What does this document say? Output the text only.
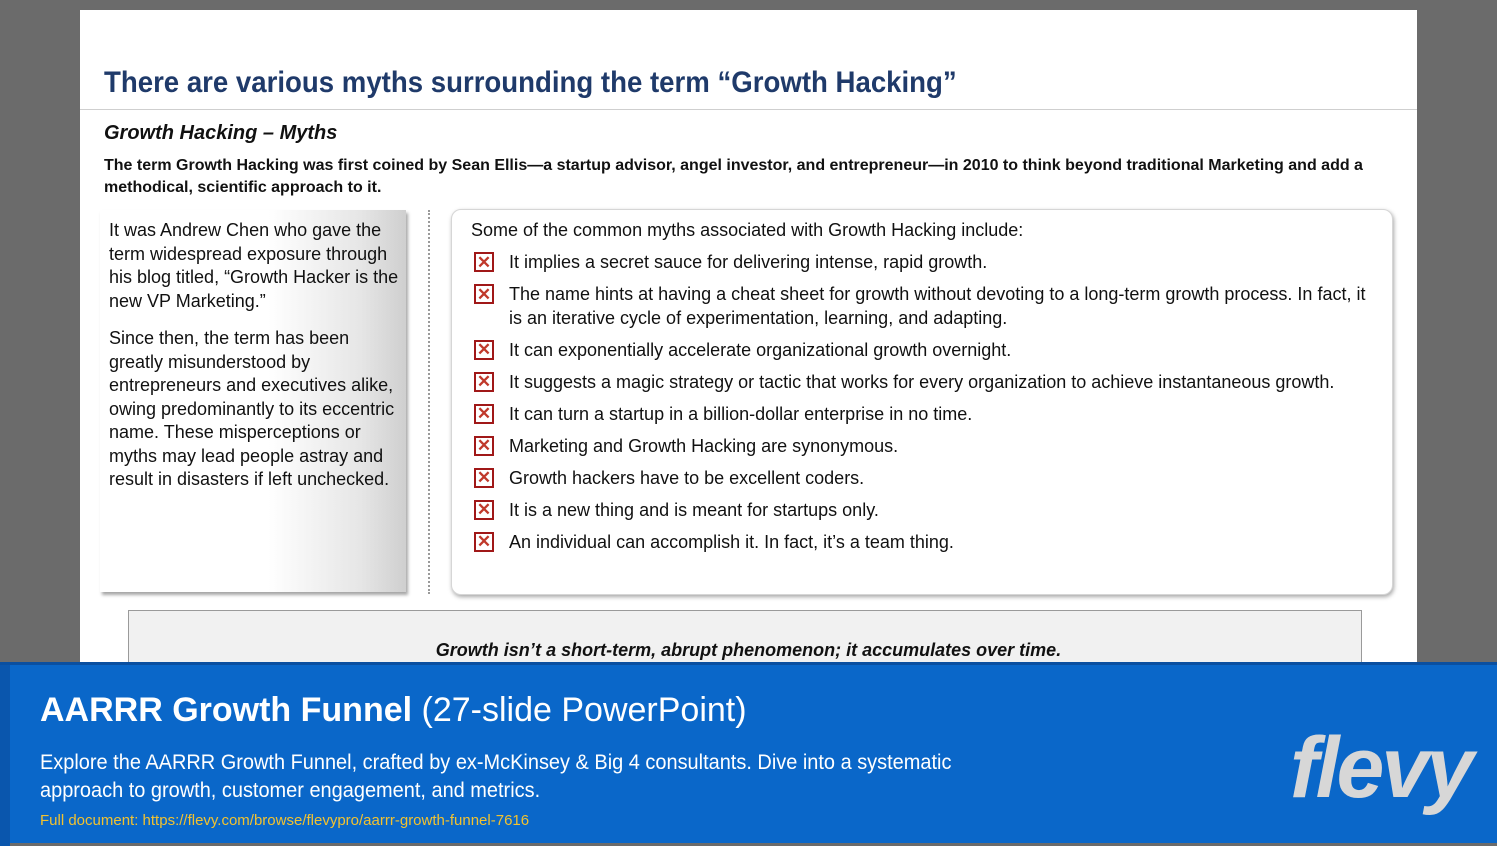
There are various myths surrounding the term “Growth Hacking”
Growth Hacking – Myths
The term Growth Hacking was first coined by Sean Ellis—a startup advisor, angel investor, and entrepreneur—in 2010 to think beyond traditional Marketing and add a methodical, scientific approach to it.

It was Andrew Chen who gave the term widespread exposure through his blog titled, “Growth Hacker is the new VP Marketing.”

Since then, the term has been greatly misunderstood by entrepreneurs and executives alike, owing predominantly to its eccentric name. These misperceptions or myths may lead people astray and result in disasters if left unchecked.

Some of the common myths associated with Growth Hacking include:
✕ It implies a secret sauce for delivering intense, rapid growth.
✕ The name hints at having a cheat sheet for growth without devoting to a long-term growth process. In fact, it is an iterative cycle of experimentation, learning, and adapting.
✕ It can exponentially accelerate organizational growth overnight.
✕ It suggests a magic strategy or tactic that works for every organization to achieve instantaneous growth.
✕ It can turn a startup in a billion-dollar enterprise in no time.
✕ Marketing and Growth Hacking are synonymous.
✕ Growth hackers have to be excellent coders.
✕ It is a new thing and is meant for startups only.
✕ An individual can accomplish it. In fact, it’s a team thing.
Growth isn’t a short-term, abrupt phenomenon; it accumulates over time.
AARRR Growth Funnel (27-slide PowerPoint)
Explore the AARRR Growth Funnel, crafted by ex-McKinsey & Big 4 consultants. Dive into a systematic approach to growth, customer engagement, and metrics.
Full document: https://flevy.com/browse/flevypro/aarrr-growth-funnel-7616
flevy
